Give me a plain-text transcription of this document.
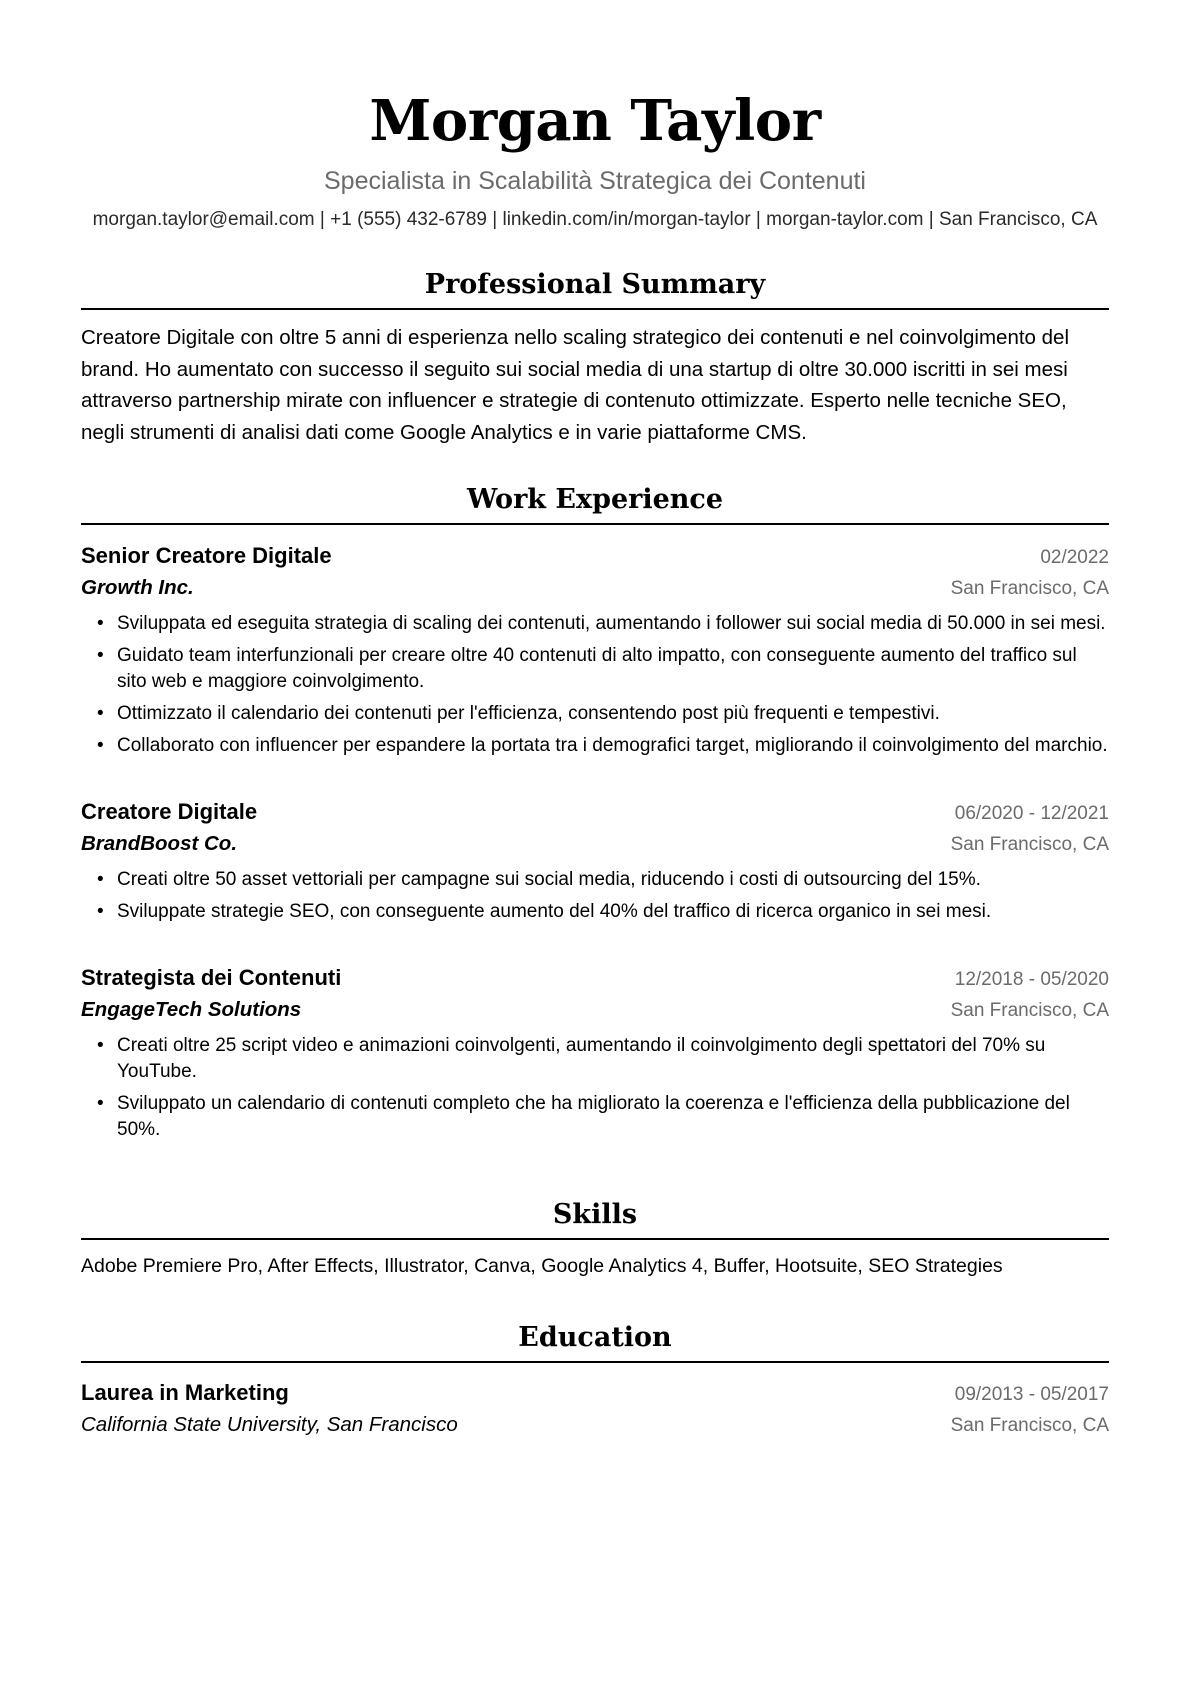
Morgan Taylor
Specialista in Scalabilità Strategica dei Contenuti
morgan.taylor@email.com | +1 (555) 432-6789 | linkedin.com/in/morgan-taylor | morgan-taylor.com | San Francisco, CA
Professional Summary

Creatore Digitale con oltre 5 anni di esperienza nello scaling strategico dei contenuti e nel coinvolgimento del brand. Ho aumentato con successo il seguito sui social media di una startup di oltre 30.000 iscritti in sei mesi attraverso partnership mirate con influencer e strategie di contenuto ottimizzate. Esperto nelle tecniche SEO, negli strumenti di analisi dati come Google Analytics e in varie piattaforme CMS.

Work Experience
Senior Creatore Digitale	02/2022
Growth Inc.	San Francisco, CA
• Sviluppata ed eseguita strategia di scaling dei contenuti, aumentando i follower sui social media di 50.000 in sei mesi.
• Guidato team interfunzionali per creare oltre 40 contenuti di alto impatto, con conseguente aumento del traffico sul sito web e maggiore coinvolgimento.
• Ottimizzato il calendario dei contenuti per l'efficienza, consentendo post più frequenti e tempestivi.
• Collaborato con influencer per espandere la portata tra i demografici target, migliorando il coinvolgimento del marchio.
Creatore Digitale	06/2020 - 12/2021
BrandBoost Co.	San Francisco, CA
• Creati oltre 50 asset vettoriali per campagne sui social media, riducendo i costi di outsourcing del 15%.
• Sviluppate strategie SEO, con conseguente aumento del 40% del traffico di ricerca organico in sei mesi.
Strategista dei Contenuti	12/2018 - 05/2020
EngageTech Solutions	San Francisco, CA
• Creati oltre 25 script video e animazioni coinvolgenti, aumentando il coinvolgimento degli spettatori del 70% su YouTube.
• Sviluppato un calendario di contenuti completo che ha migliorato la coerenza e l'efficienza della pubblicazione del 50%.
Skills
Adobe Premiere Pro, After Effects, Illustrator, Canva, Google Analytics 4, Buffer, Hootsuite, SEO Strategies
Education
Laurea in Marketing	09/2013 - 05/2017
California State University, San Francisco	San Francisco, CA
